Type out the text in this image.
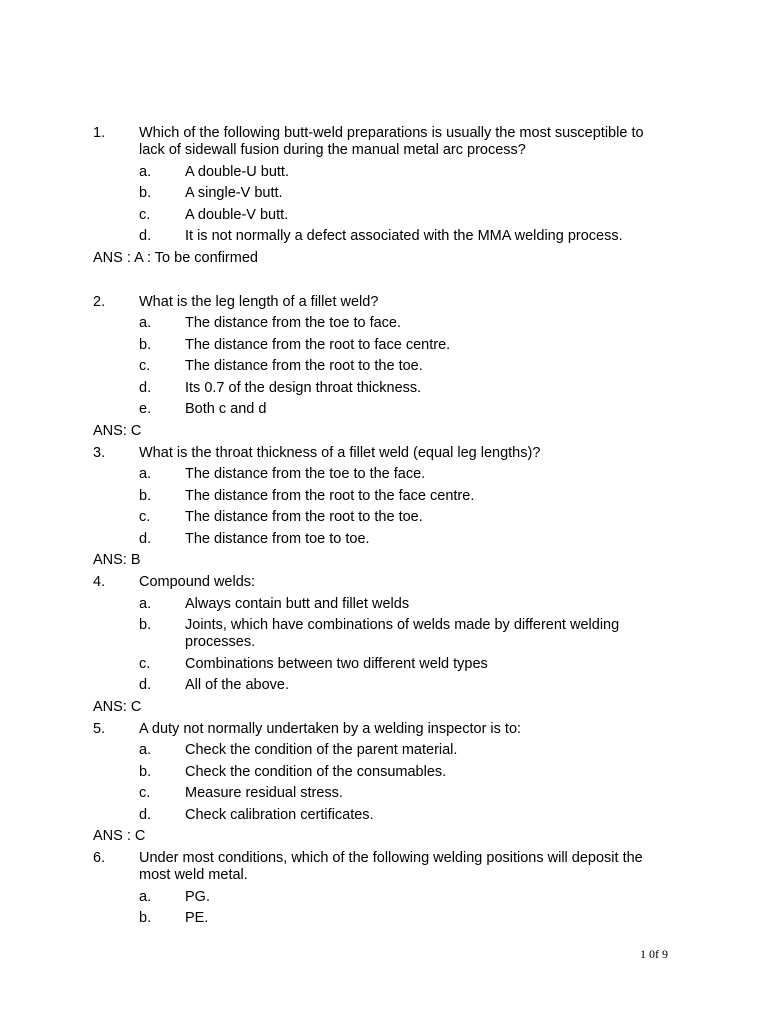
1.	Which of the following butt-weld preparations is usually the most susceptible to lack of sidewall fusion during the manual metal arc process?
a.	A double-U butt.
b.	A single-V butt.
c.	A double-V butt.
d.	It is not normally a defect associated with the MMA welding process.
ANS : A : To be confirmed
2.	What is the leg length of a fillet weld?
a.	The distance from the toe to face.
b.	The distance from the root to face centre.
c.	The distance from the root to the toe.
d.	Its 0.7 of the design throat thickness.
e.	Both c and d
ANS: C
3.	What is the throat thickness of a fillet weld (equal leg lengths)?
a.	The distance from the toe to the face.
b.	The distance from the root to the face centre.
c.	The distance from the root to the toe.
d.	The distance from toe to toe.
ANS: B
4.	Compound welds:
a.	Always contain butt and fillet welds
b.	Joints, which have combinations of welds made by different welding processes.
c.	Combinations between two different weld types
d.	All of the above.
ANS: C
5.	A duty not normally undertaken by a welding inspector is to:
a.	Check the condition of the parent material.
b.	Check the condition of the consumables.
c.	Measure residual stress.
d.	Check calibration certificates.
ANS : C
6.	Under most conditions, which of the following welding positions will deposit the most weld metal.
a.	PG.
b.	PE.
1 0f 9
